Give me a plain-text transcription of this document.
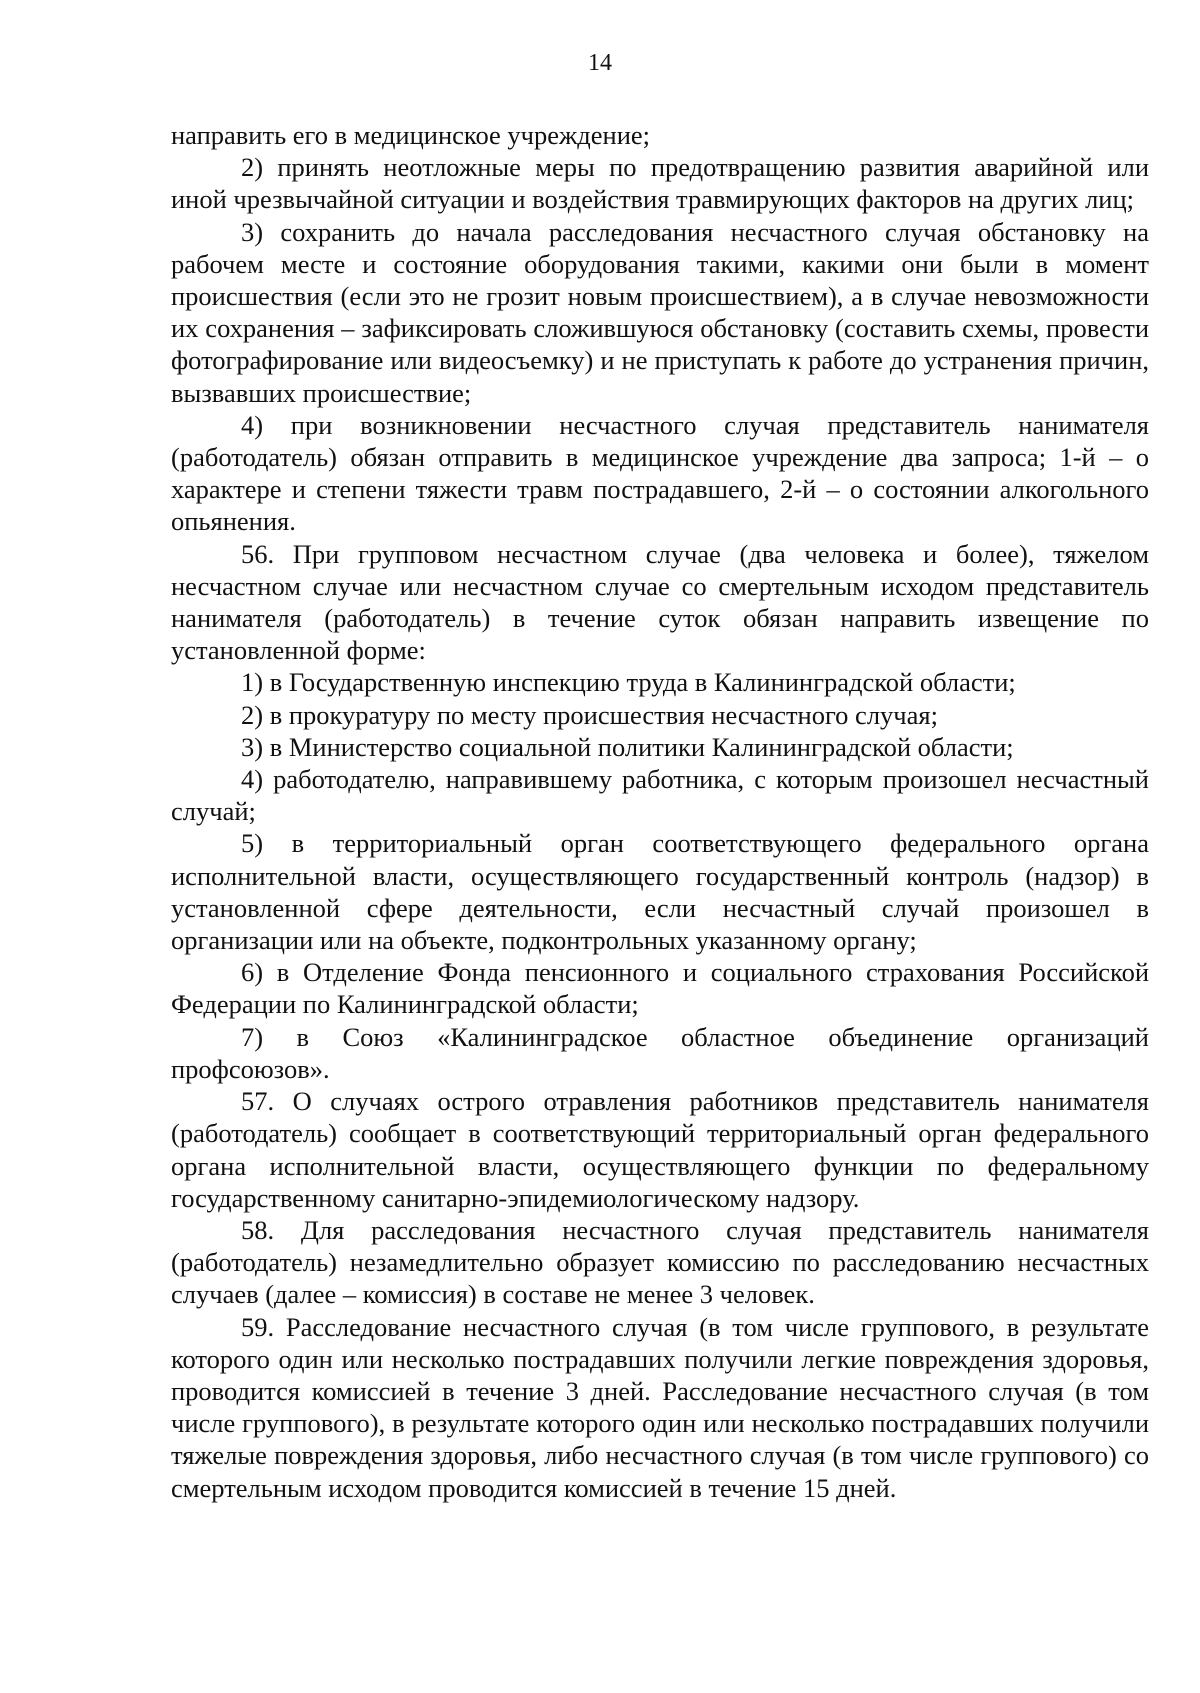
14

направить его в медицинское учреждение;

2) принять неотложные меры по предотвращению развития аварийной или иной чрезвычайной ситуации и воздействия травмирующих факторов на других лиц;

3) сохранить до начала расследования несчастного случая обстановку на рабочем месте и состояние оборудования такими, какими они были в момент происшествия (если это не грозит новым происшествием), а в случае невозможности их сохранения – зафиксировать сложившуюся обстановку (составить схемы, провести фотографирование или видеосъемку) и не приступать к работе до устранения причин, вызвавших происшествие;

4) при возникновении несчастного случая представитель нанимателя (работодатель) обязан отправить в медицинское учреждение два запроса; 1-й – о характере и степени тяжести травм пострадавшего, 2-й – о состоянии алкогольного опьянения.

56. При групповом несчастном случае (два человека и более), тяжелом несчастном случае или несчастном случае со смертельным исходом представитель нанимателя (работодатель) в течение суток обязан направить извещение по установленной форме:

1) в Государственную инспекцию труда в Калининградской области;

2) в прокуратуру по месту происшествия несчастного случая;

3) в Министерство социальной политики Калининградской области;

4) работодателю, направившему работника, с которым произошел несчастный случай;

5) в территориальный орган соответствующего федерального органа исполнительной власти, осуществляющего государственный контроль (надзор) в установленной сфере деятельности, если несчастный случай произошел в организации или на объекте, подконтрольных указанному органу;

6) в Отделение Фонда пенсионного и социального страхования Российской Федерации по Калининградской области;

7) в Союз «Калининградское областное объединение организаций профсоюзов».

57. О случаях острого отравления работников представитель нанимателя (работодатель) сообщает в соответствующий территориальный орган федерального органа исполнительной власти, осуществляющего функции по федеральному государственному санитарно-эпидемиологическому надзору.

58. Для расследования несчастного случая представитель нанимателя (работодатель) незамедлительно образует комиссию по расследованию несчастных случаев (далее – комиссия) в составе не менее 3 человек.

59. Расследование несчастного случая (в том числе группового, в результате которого один или несколько пострадавших получили легкие повреждения здоровья, проводится комиссией в течение 3 дней. Расследование несчастного случая (в том числе группового), в результате которого один или несколько пострадавших получили тяжелые повреждения здоровья, либо несчастного случая (в том числе группового) со смертельным исходом проводится комиссией в течение 15 дней.
